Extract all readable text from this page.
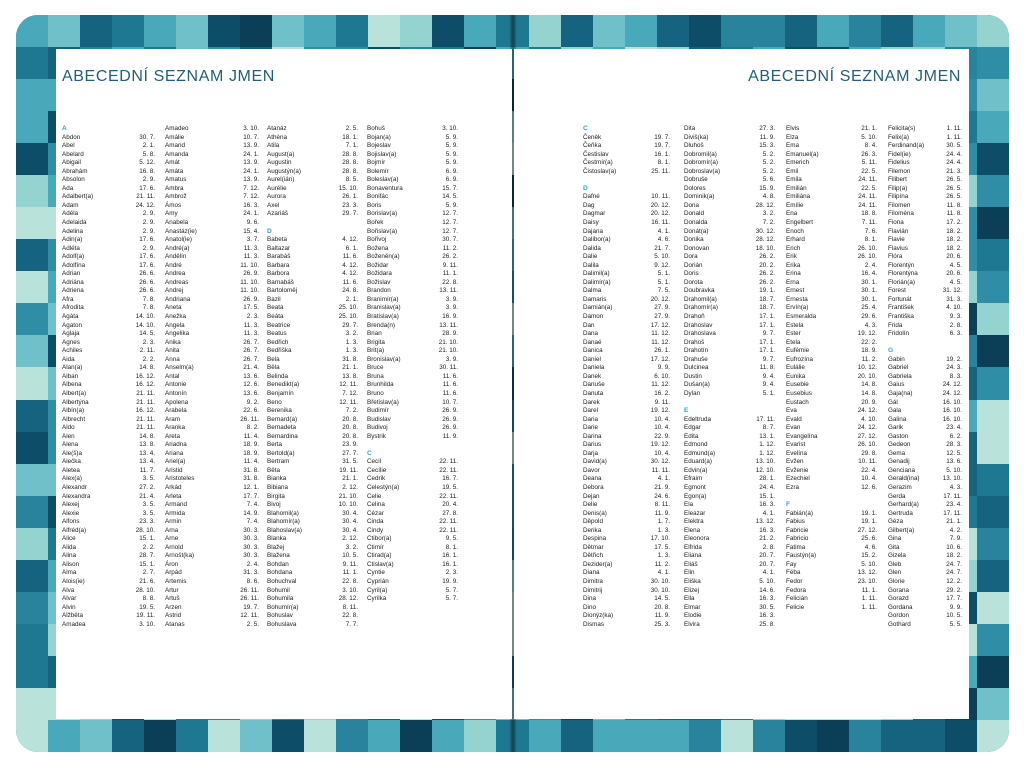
ABECEDNÍ SEZNAM JMEN
A
Abdon	30. 7.
Abel	2. 1.
Abelard	5. 8.
Abigail	5. 12.
Abrahám	16. 8.
Absolon	2. 9.
Ada	17. 6.
Adalbert(a)	21. 11.
Adam	24. 12.
Adéla	2. 9.
Adelaida	2. 9.
Adelina	2. 9.
Adin(a)	17. 6.
Adléta	2. 9.
Adolf(a)	17. 6.
Adolfína	17. 6.
Adrian	26. 6.
Adriána	26. 6.
Adriena	26. 6.
Afra	7. 8.
Afrodita	7. 8.
Agáta	14. 10.
Agaton	14. 10.
Aglaja	14. 5.
Agnes	2. 3.
Achiles	2. 11.
Aida	2. 2.
Alan(a)	14. 8.
Alban	16. 12.
Albena	16. 12.
Albert(a)	21. 11.
Albertýna	21. 11.
Albín(a)	16. 12.
Albrecht	21. 11.
Aldo	21. 11.
Alen	14. 8.
Alena	13. 8.
Ale(š)a	13. 4.
Alečka	13. 4.
Aletea	11. 7.
Alex(a)	3. 5.
Alexandr	27. 2.
Alexandra	21. 4.
Alexej	3. 5.
Alexie	3. 5.
Alfons	23. 3.
Alfréd(a)	28. 10.
Alice	15. 1.
Alida	2. 2.
Alina	28. 7.
Alison	15. 1.
Alma	2. 7.
Alois(ie)	21. 6.
Alva	28. 10.
Alvar	8. 8.
Alvin	19. 5.
Alžběta	19. 11.
Amadea	3. 10.
Amadeo	3. 10.
Amálie	10. 7.
Amand	13. 9.
Amanda	24. 1.
Amát	13. 9.
Amáta	24. 1.
Amatus	13. 9.
Ambra	7. 12.
Ambrož	7. 12.
Ámos	16. 3.
Amy	24. 1.
Anabela	9. 6.
Anastáz(ie)	15. 4.
Anatol(ie)	3. 7.
André(a)	11. 3.
Andělín	11. 3.
André	11. 10.
Andrea	26. 9.
Andreas	11. 10.
Andrej	11. 10.
Andriana	26. 9.
Aneta	17. 5.
Anežka	2. 3.
Angela	11. 3.
Angelika	11. 3.
Anika	26. 7.
Anita	26. 7.
Anna	26. 7.
Anselm(a)	21. 4.
Antal	13. 6.
Antonie	12. 6.
Antonín	13. 6.
Apolena	9. 2.
Arabela	22. 6.
Aram	26. 11.
Aranka	8. 2.
Areta	11. 4.
Ariadna	18. 9.
Ariana	18. 9.
Ariel(a)	11. 4.
Aristid	31. 8.
Aristoteles	31. 8.
Arkád	12. 1.
Arleta	17. 7.
Armand	7. 4.
Armida	14. 9.
Armin	7. 4.
Arna	30. 3.
Arne	30. 3.
Arnold	30. 3.
Arnošt(ka)	30. 3.
Áron	2. 4.
Arpád	31. 3.
Artemis	8. 6.
Artur	26. 11.
Artuš	26. 11.
Arzen	19. 7.
Astrid	12. 11.
Atanas	2. 5.
Atanáz	2. 5.
Athéna	18. 1.
Atila	7. 1.
August(a)	28. 8.
Augustin	28. 8.
Augustýn(a)	28. 8.
Aurel(ián)	8. 5.
Aurélie	15. 10.
Aurora	26. 1.
Axel	23. 3.
Azariáš	29. 7.
D
Babeta	4. 12.
Baltazar	6. 1.
Barabáš	11. 6.
Barbara	4. 12.
Barbora	4. 12.
Barnabáš	11. 6.
Bartoloměj	24. 8.
Bazil	2. 1.
Beata	25. 10.
Beáta	25. 10.
Beatrice	29. 7.
Beatus	3. 2.
Bedřich	1. 3.
Bedřiška	1. 3.
Bela	31. 8.
Běla	21. 1.
Belinda	13. 8.
Benedikt(a)	12. 11.
Benjamín	7. 12.
Beno	12. 11.
Berenika	7. 2.
Bernard(a)	20. 8.
Bernadeta	20. 8.
Bernardina	20. 8.
Berta	23. 9.
Bertold(a)	27. 7.
Bertram	31. 5.
Běta	19. 11.
Bianka	21. 1.
Bibiana	2. 12.
Birgita	21. 10.
Bivoj	10. 10.
Blahomil(a)	30. 4.
Blahomír(a)	30. 4.
Blahoslav(a)	30. 4.
Blanka	2. 12.
Blažej	3. 2.
Blažena	10. 5.
Bohdan	9. 11.
Bohdana	11. 1.
Bohuchval	22. 8.
Bohumil	3. 10.
Bohumila	28. 12.
Bohumír(a)	8. 11.
Bohuslav	22. 8.
Bohuslava	7. 7.
Bohuš	3. 10.
Bojan(a)	5. 9.
Bojeslav	5. 9.
Bojislav(a)	5. 9.
Bojmír	5. 9.
Bolemír	6. 9.
Boleslav(a)	6. 9.
Bonaventura	15. 7.
Bonifác	14. 5.
Boris	5. 9.
Borislav(a)	12. 7.
Bořek	12. 7.
Bořislav(a)	12. 7.
Bořivoj	30. 7.
Božena	11. 2.
Boženěn(a)	26. 2.
Božidar	9. 11.
Božidara	11. 1.
Božislav	22. 8.
Brandon	13. 11.
Branimír(a)	3. 9.
Branislav(a)	3. 9.
Bratislav(a)	16. 9.
Brenda(n)	13. 11.
Brian	28. 9.
Brigita	21. 10.
Brit(a)	21. 10.
Bronislav(a)	3. 9.
Bruce	30. 11.
Bruna	11. 6.
Brunhilda	11. 6.
Bruno	11. 6.
Břetislav(a)	10. 7.
Budimír	26. 9.
Budislav	26. 9.
Budivoj	26. 9.
Bystrik	11. 9.
C
Cecil	22. 11.
Cecílie	22. 11.
Cedrik	16. 7.
Celestýn(a)	19. 5.
Celie	22. 11.
Celina	20. 4.
Cézar	27. 8.
Cinda	22. 11.
Cindy	22. 11.
Ctibor(a)	9. 5.
Ctimír	8. 1.
Ctirad(a)	16. 1.
Ctislav(a)	16. 1.
Cyntie	2. 3.
Cyprián	19. 9.
Cyril(a)	5. 7.
Cyrilka	5. 7.
ABECEDNÍ SEZNAM JMEN
C
Čeněk	19. 7.
Čeňka	19. 7.
Čestislav	16. 1.
Čestmír(a)	8. 1.
Čistoslav(a)	25. 11.
D
Dafné	10. 11.
Dag	20. 12.
Dagmar	20. 12.
Daisy	16. 11.
Dajana	4. 1.
Dalibor(a)	4. 6.
Dalida	21. 7.
Dalie	5. 10.
Dalila	9. 12.
Dalimil(a)	5. 1.
Dalimír(a)	5. 1.
Dalma	7. 5.
Damaris	20. 12.
Damián(a)	27. 9.
Damon	27. 9.
Dan	17. 12.
Dana	11. 12.
Danaé	11. 12.
Danica	26. 1.
Daniel	17. 12.
Daniela	9. 9.
Danek	6. 10.
Danuše	11. 12.
Danuta	16. 2.
Darek	9. 11.
Darel	19. 12.
Daria	10. 4.
Darie	10. 4.
Darina	22. 9.
Darius	19. 12.
Darja	10. 4.
David(a)	30. 12.
Davor	11. 11.
Deana	4. 1.
Debora	21. 9.
Dejan	24. 6.
Delie	8. 11.
Denis(a)	11. 9.
Děpold	1. 7.
Derika	1. 3.
Despina	17. 10.
Dětmar	17. 5.
Dětřich	1. 3.
Dezider(a)	11. 2.
Diana	4. 1.
Dimitra	30. 10.
Dimitrij	30. 10.
Dina	14. 5.
Dino	20. 8.
Dionýz(ka)	11. 9.
Dismas	25. 3.
Dita	27. 3.
Diviš(ka)	11. 9.
Dluhoš	15. 3.
Dobromil(a)	5. 2.
Dobromír(a)	5. 2.
Dobroslav(a)	5. 2.
Dobruše	5. 6.
Dolores	15. 9.
Dominik(a)	4. 8.
Dona	28. 12.
Donald	3. 2.
Donalda	7. 2.
Donát(a)	30. 12.
Donika	28. 12.
Donovan	18. 10.
Dora	26. 2.
Dorián	20. 2.
Doris	26. 2.
Dorota	26. 2.
Doubravka	19. 1.
Drahomil(a)	18. 7.
Drahomír(a)	18. 7.
Drahoň	17. 1.
Drahoslav	17. 1.
Drahoslava	9. 7.
Drahoš	17. 1.
Drahotín	17. 1.
Drahuše	9. 7.
Dulcinea	11. 8.
Dustin	9. 4.
Dušan(a)	9. 4.
Dylan	5. 1.
E
Edeltruda	17. 11.
Edgar	8. 7.
Edita	13. 1.
Edmond	1. 12.
Edmund(a)	1. 12.
Eduard(a)	13. 10.
Edvin(a)	12. 10.
Efraim	28. 1.
Egmont	24. 4.
Egon(a)	15. 1.
Ela	16. 3.
Eleazar	4. 1.
Elektra	13. 12.
Elena	16. 3.
Eleonora	21. 2.
Elfrida	2. 8.
Eliana	20. 7.
Eliáš	20. 7.
Elin	4. 1.
Eliška	5. 10.
Elizej	14. 6.
Ella	16. 3.
Elmar	30. 5.
Elodie	16. 3.
Elvira	25. 8.
Elvis	21. 1.
Elza	5. 10.
Ema	8. 4.
Emanuel(a)	26. 3.
Emerich	5. 11.
Emil	22. 5.
Emila	24. 11.
Emilián	22. 5.
Emiliána	24. 11.
Emílie	24. 11.
Ena	18. 8.
Engelbert	7. 11.
Enoch	7. 6.
Erhard	8. 1.
Erich	26. 10.
Erik	26. 10.
Erika	2. 4.
Erina	16. 4.
Erna	30. 1.
Ernest	30. 1.
Ernesta	30. 1.
Ervín(a)	25. 4.
Esmeralda	29. 6.
Estela	4. 3.
Ester	19. 12.
Etela	22. 2.
Eufémie	18. 9.
Eufrozína	11. 2.
Eulálie	10. 12.
Eunika	20. 10.
Eusebie	14. 8.
Eusebius	14. 8.
Eustach	20. 9.
Eva	24. 12.
Evald	4. 10.
Evan	24. 12.
Evangelína	27. 12.
Evarist	26. 10.
Evelína	29. 8.
Evžen	10. 11.
Evženie	22. 4.
Ezechiel	10. 4.
Ezra	12. 6.
F
Fabián(a)	19. 1.
Fabius	19. 1.
Fabricie	27. 12.
Fabricio	25. 6.
Fatima	4. 6.
Faustýn(a)	15. 2.
Fay	5. 10.
Féba	13. 12.
Fedor	23. 10.
Fedora	11. 1.
Felicián	1. 11.
Felicie	1. 11.
Felicita(s)	1. 11.
Felix(a)	1. 11.
Ferdinand(a)	30. 5.
Fidel(ie)	24. 4.
Fidelius	24. 4.
Filemon	21. 3.
Filibert	26. 5.
Filip(a)	26. 5.
Filipína	26. 5.
Filomen	11. 8.
Filoména	11. 8.
Fiona	17. 2.
Flavián	18. 2.
Flavie	18. 2.
Flavius	18. 2.
Flóra	20. 6.
Florentýn	4. 5.
Florentýna	20. 6.
Florián(a)	4. 5.
Forest	31. 12.
Fortunát	31. 3.
František	4. 10.
Františka	9. 3.
Frida	2. 8.
Fridolín	6. 3.
G
Gabin	19. 2.
Gabriel	24. 3.
Gabriela	8. 3.
Gaius	24. 12.
Gaja(na)	24. 12.
Gál	16. 10.
Gala	16. 10.
Galina	16. 10.
Garik	23. 4.
Gaston	6. 2.
Gedeon	28. 3.
Gema	12. 5.
Genadij	13. 6.
Genciana	5. 10.
Gerald(ina)	13. 10.
Gerazim	4. 3.
Gerda	17. 11.
Gerhard(a)	23. 4.
Gertruda	17. 11.
Géza	21. 1.
Gilbert(a)	4. 2.
Gina	7. 9.
Gita	10. 6.
Gizela	18. 2.
Gleb	24. 7.
Glen	24. 7.
Glorie	12. 2.
Gorana	29. 2.
Gorazd	17. 7.
Gordana	9. 9.
Gordon	10. 5.
Gothard	5. 5.
